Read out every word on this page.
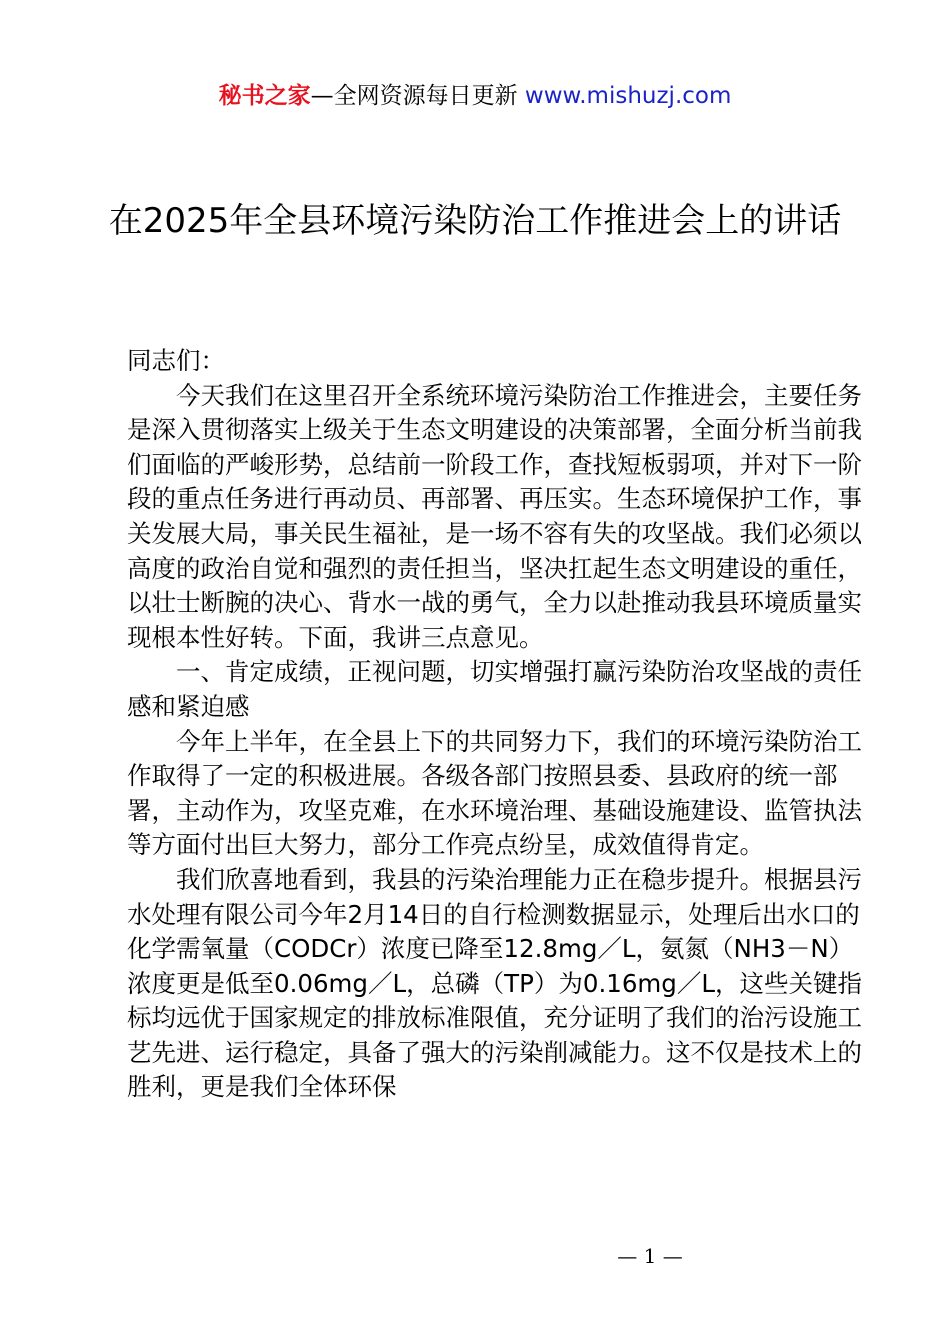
秘书之家—全网资源每日更新 www.mishuzj.com
在2025年全县环境污染防治工作推进会上的讲话

同志们：

今天我们在这里召开全系统环境污染防治工作推进会，主要任务是深入贯彻落实上级关于生态文明建设的决策部署，全面分析当前我们面临的严峻形势，总结前一阶段工作，查找短板弱项，并对下一阶段的重点任务进行再动员、再部署、再压实。生态环境保护工作，事关发展大局，事关民生福祉，是一场不容有失的攻坚战。我们必须以高度的政治自觉和强烈的责任担当，坚决扛起生态文明建设的重任，以壮士断腕的决心、背水一战的勇气，全力以赴推动我县环境质量实现根本性好转。下面，我讲三点意见。

一、肯定成绩，正视问题，切实增强打赢污染防治攻坚战的责任感和紧迫感

今年上半年，在全县上下的共同努力下，我们的环境污染防治工作取得了一定的积极进展。各级各部门按照县委、县政府的统一部署，主动作为，攻坚克难，在水环境治理、基础设施建设、监管执法等方面付出巨大努力，部分工作亮点纷呈，成效值得肯定。

我们欣喜地看到，我县的污染治理能力正在稳步提升。根据县污水处理有限公司今年2月14日的自行检测数据显示，处理后出水口的化学需氧量（CODCr）浓度已降至12.8mg／L，氨氮（NH3－N）浓度更是低至0.06mg／L，总磷（TP）为0.16mg／L，这些关键指标均远优于国家规定的排放标准限值，充分证明了我们的治污设施工艺先进、运行稳定，具备了强大的污染削减能力。这不仅是技术上的胜利，更是我们全体环保

— 1 —
